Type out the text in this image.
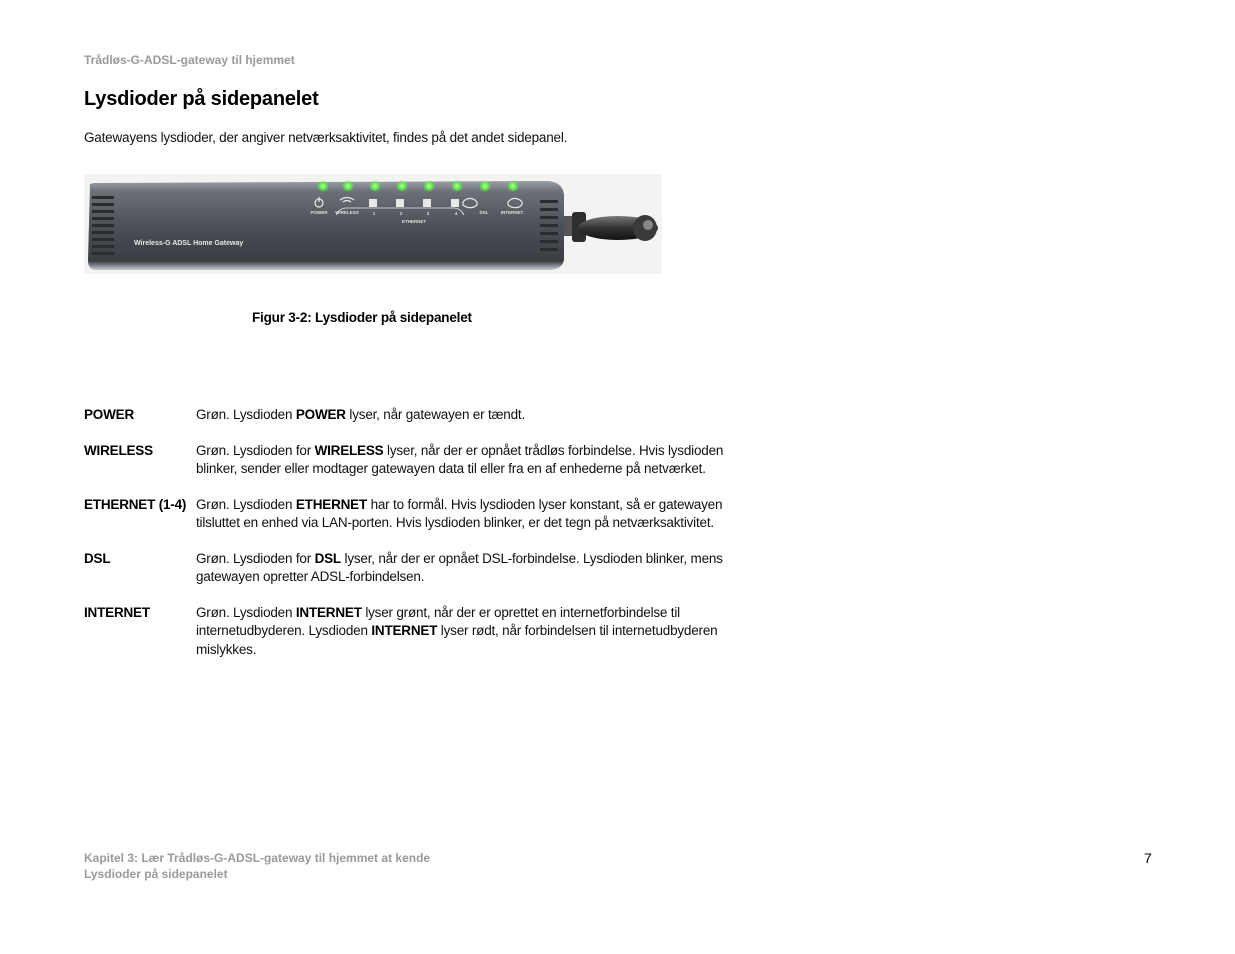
Trådløs-G-ADSL-gateway til hjemmet
Lysdioder på sidepanelet
Gatewayens lysdioder, der angiver netværksaktivitet, findes på det andet sidepanel.
POWER WIRELESS	1	2	3	4	DSL	INTERNET
ETHERNET
Wireless-G ADSL Home Gateway
Figur 3-2: Lysdioder på sidepanelet
POWER	Grøn. Lysdioden POWER lyser, når gatewayen er tændt.
WIRELESS	Grøn. Lysdioden for WIRELESS lyser, når der er opnået trådløs forbindelse. Hvis lysdioden blinker, sender eller modtager gatewayen data til eller fra en af enhederne på netværket.
ETHERNET (1-4)	Grøn. Lysdioden ETHERNET har to formål. Hvis lysdioden lyser konstant, så er gatewayen tilsluttet en enhed via LAN-porten. Hvis lysdioden blinker, er det tegn på netværksaktivitet.
DSL	Grøn. Lysdioden for DSL lyser, når der er opnået DSL-forbindelse. Lysdioden blinker, mens gatewayen opretter ADSL-forbindelsen.
INTERNET	Grøn. Lysdioden INTERNET lyser grønt, når der er oprettet en internetforbindelse til internetudbyderen. Lysdioden INTERNET lyser rødt, når forbindelsen til internetudbyderen mislykkes.
Kapitel 3: Lær Trådløs-G-ADSL-gateway til hjemmet at kende
Lysdioder på sidepanelet
7
